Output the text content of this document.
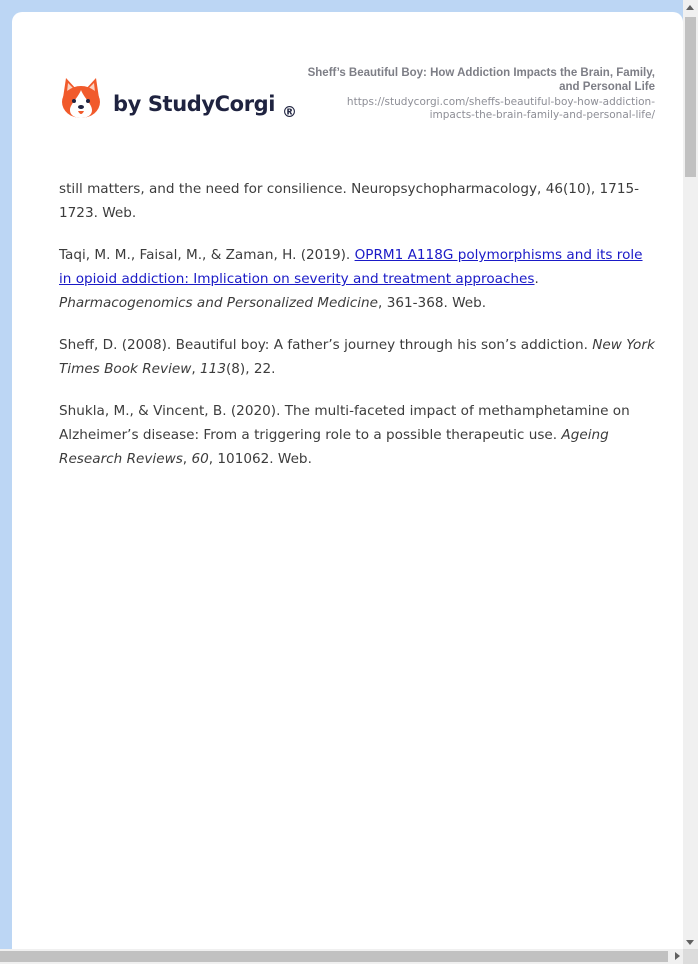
by StudyCorgi ®
Sheff’s Beautiful Boy: How Addiction Impacts the Brain, Family, and Personal Life
https://studycorgi.com/sheffs-beautiful-boy-how-addiction-impacts-the-brain-family-and-personal-life/

still matters, and the need for consilience. Neuropsychopharmacology, 46(10), 1715-1723. Web.

Taqi, M. M., Faisal, M., & Zaman, H. (2019). OPRM1 A118G polymorphisms and its role in opioid addiction: Implication on severity and treatment approaches. Pharmacogenomics and Personalized Medicine, 361-368. Web.

Sheff, D. (2008). Beautiful boy: A father’s journey through his son’s addiction. New York Times Book Review, 113(8), 22.

Shukla, M., & Vincent, B. (2020). The multi-faceted impact of methamphetamine on Alzheimer’s disease: From a triggering role to a possible therapeutic use. Ageing Research Reviews, 60, 101062. Web.
